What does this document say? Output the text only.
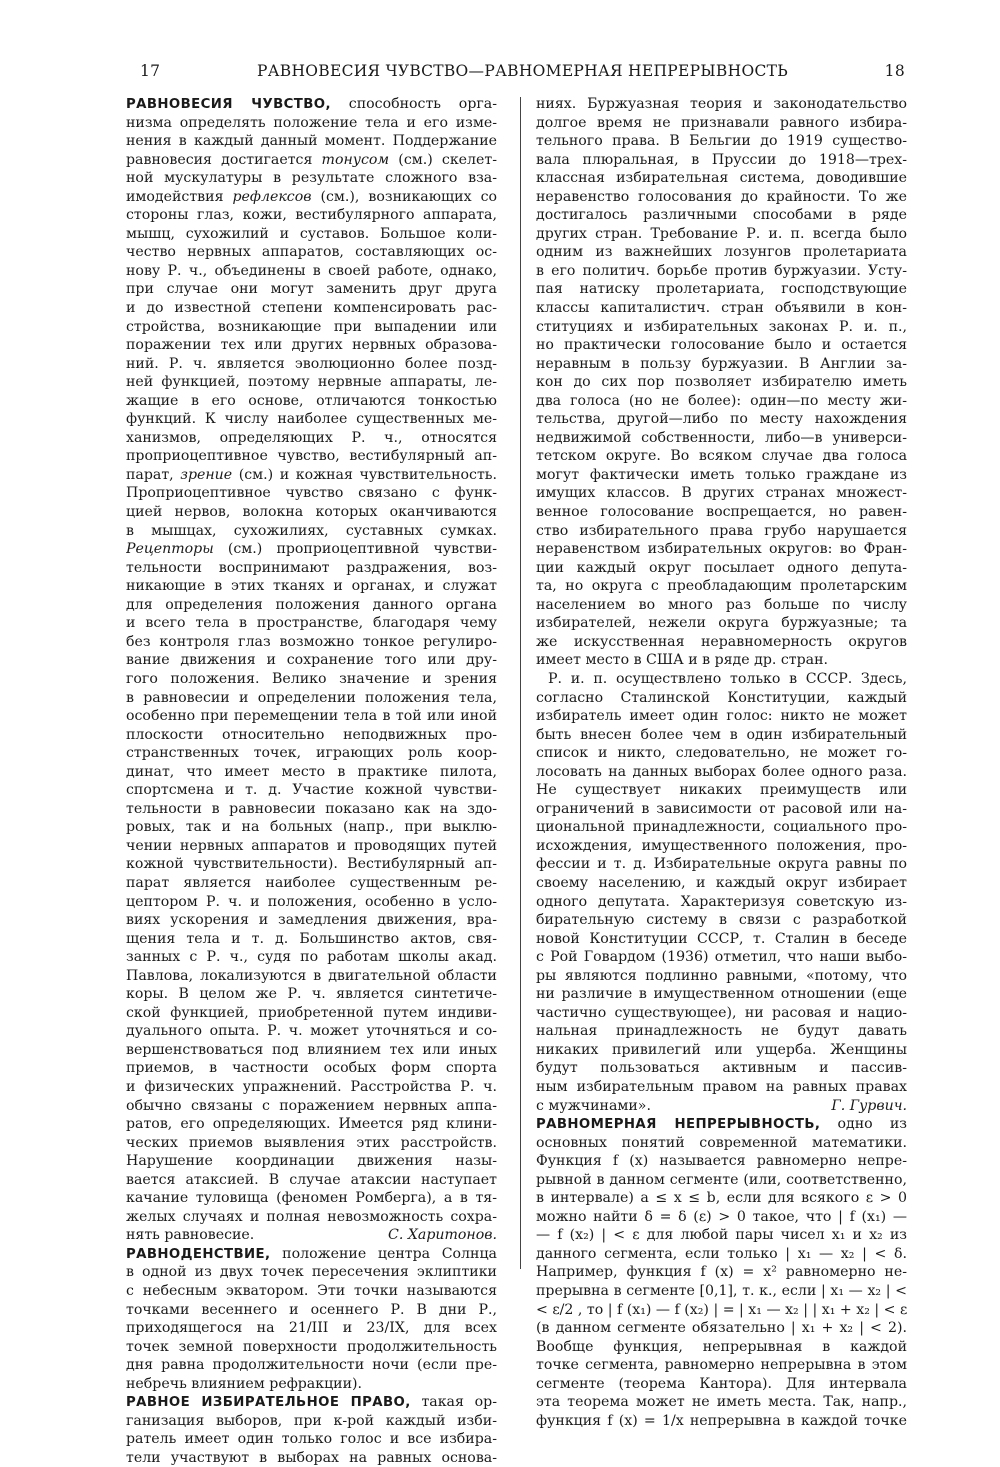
17	РАВНОВЕСИЯ ЧУВСТВО—РАВНОМЕРНАЯ НЕПРЕРЫВНОСТЬ	18
РАВНОВЕСИЯ ЧУВСТВО, способность орга-
низма определять положение тела и его изме-
нения в каждый данный момент. Поддержание
равновесия достигается тонусом (см.) скелет-
ной мускулатуры в результате сложного вза-
имодействия рефлексов (см.), возникающих со
стороны глаз, кожи, вестибулярного аппарата,
мышц, сухожилий и суставов. Большое коли-
чество нервных аппаратов, составляющих ос-
нову Р. ч., объединены в своей работе, однако,
при случае они могут заменить друг друга
и до известной степени компенсировать рас-
стройства, возникающие при выпадении или
поражении тех или других нервных образова-
ний. Р. ч. является эволюционно более позд-
ней функцией, поэтому нервные аппараты, ле-
жащие в его основе, отличаются тонкостью
функций. К числу наиболее существенных ме-
ханизмов, определяющих Р. ч., относятся
проприоцептивное чувство, вестибулярный ап-
парат, зрение (см.) и кожная чувствительность.
Проприоцептивное чувство связано с функ-
цией нервов, волокна которых оканчиваются
в мышцах, сухожилиях, суставных сумках.
Рецепторы (см.) проприоцептивной чувстви-
тельности воспринимают раздражения, воз-
никающие в этих тканях и органах, и служат
для определения положения данного органа
и всего тела в пространстве, благодаря чему
без контроля глаз возможно тонкое регулиро-
вание движения и сохранение того или дру-
гого положения. Велико значение и зрения
в равновесии и определении положения тела,
особенно при перемещении тела в той или иной
плоскости относительно неподвижных про-
странственных точек, играющих роль коор-
динат, что имеет место в практике пилота,
спортсмена и т. д. Участие кожной чувстви-
тельности в равновесии показано как на здо-
ровых, так и на больных (напр., при выклю-
чении нервных аппаратов и проводящих путей
кожной чувствительности). Вестибулярный ап-
парат является наиболее существенным ре-
цептором Р. ч. и положения, особенно в усло-
виях ускорения и замедления движения, вра-
щения тела и т. д. Большинство актов, свя-
занных с Р. ч., судя по работам школы акад.
Павлова, локализуются в двигательной области
коры. В целом же Р. ч. является синтетиче-
ской функцией, приобретенной путем индиви-
дуального опыта. Р. ч. может уточняться и со-
вершенствоваться под влиянием тех или иных
приемов, в частности особых форм спорта
и физических упражнений. Расстройства Р. ч.
обычно связаны с поражением нервных аппа-
ратов, его определяющих. Имеется ряд клини-
ческих приемов выявления этих расстройств.
Нарушение координации движения назы-
вается атаксией. В случае атаксии наступает
качание туловища (феномен Ромберга), а в тя-
желых случаях и полная невозможность сохра-
нять равновесие.	С. Харитонов.
РАВНОДЕНСТВИЕ, положение центра Солнца
в одной из двух точек пересечения эклиптики
с небесным экватором. Эти точки называются
точками весеннего и осеннего Р. В дни Р.,
приходящегося на 21/III и 23/IX, для всех
точек земной поверхности продолжительность
дня равна продолжительности ночи (если пре-
небречь влиянием рефракции).
РАВНОЕ ИЗБИРАТЕЛЬНОЕ ПРАВО, такая ор-
ганизация выборов, при к-рой каждый изби-
ратель имеет один только голос и все избира-
тели участвуют в выборах на равных основа-
ниях. Буржуазная теория и законодательство
долгое время не признавали равного избира-
тельного права. В Бельгии до 1919 существо-
вала плюральная, в Пруссии до 1918—трех-
классная избирательная система, доводившие
неравенство голосования до крайности. То же
достигалось различными способами в ряде
других стран. Требование Р. и. п. всегда было
одним из важнейших лозунгов пролетариата
в его политич. борьбе против буржуазии. Усту-
пая натиску пролетариата, господствующие
классы капиталистич. стран объявили в кон-
ституциях и избирательных законах Р. и. п.,
но практически голосование было и остается
неравным в пользу буржуазии. В Англии за-
кон до сих пор позволяет избирателю иметь
два голоса (но не более): один—по месту жи-
тельства, другой—либо по месту нахождения
недвижимой собственности, либо—в универси-
тетском округе. Во всяком случае два голоса
могут фактически иметь только граждане из
имущих классов. В других странах множест-
венное голосование воспрещается, но равен-
ство избирательного права грубо нарушается
неравенством избирательных округов: во Фран-
ции каждый округ посылает одного депута-
та, но округа с преобладающим пролетарским
населением во много раз больше по числу
избирателей, нежели округа буржуазные; та
же искусственная неравномерность округов
имеет место в США и в ряде др. стран.
Р. и. п. осуществлено только в СССР. Здесь,
согласно Сталинской Конституции, каждый
избиратель имеет один голос: никто не может
быть внесен более чем в один избирательный
список и никто, следовательно, не может го-
лосовать на данных выборах более одного раза.
Не существует никаких преимуществ или
ограничений в зависимости от расовой или на-
циональной принадлежности, социального про-
исхождения, имущественного положения, про-
фессии и т. д. Избирательные округа равны по
своему населению, и каждый округ избирает
одного депутата. Характеризуя советскую из-
бирательную систему в связи с разработкой
новой Конституции СССР, т. Сталин в беседе
с Рой Говардом (1936) отметил, что наши выбо-
ры являются подлинно равными, «потому, что
ни различие в имущественном отношении (еще
частично существующее), ни расовая и нацио-
нальная принадлежность не будут давать
никаких привилегий или ущерба. Женщины
будут пользоваться активным и пассив-
ным избирательным правом на равных правах
с мужчинами».	Г. Гурвич.
РАВНОМЕРНАЯ НЕПРЕРЫВНОСТЬ, одно из
основных понятий современной математики.
Функция f (x) называется равномерно непре-
рывной в данном сегменте (или, соответственно,
в интервале) a ≤ x ≤ b, если для всякого ε > 0
можно найти δ = δ (ε) > 0 такое, что | f (x₁) —
— f (x₂) | < ε для любой пары чисел x₁ и x₂ из
данного сегмента, если только | x₁ — x₂ | < δ.
Например, функция f (x) = x² равномерно не-
прерывна в сегменте [0,1], т. к., если | x₁ — x₂ | <
< ε/2 , то | f (x₁) — f (x₂) | = | x₁ — x₂ | | x₁ + x₂ | < ε
(в данном сегменте обязательно | x₁ + x₂ | < 2).
Вообще функция, непрерывная в каждой
точке сегмента, равномерно непрерывна в этом
сегменте (теорема Кантора). Для интервала
эта теорема может не иметь места. Так, напр.,
функция f (x) = 1/x непрерывна в каждой точке
